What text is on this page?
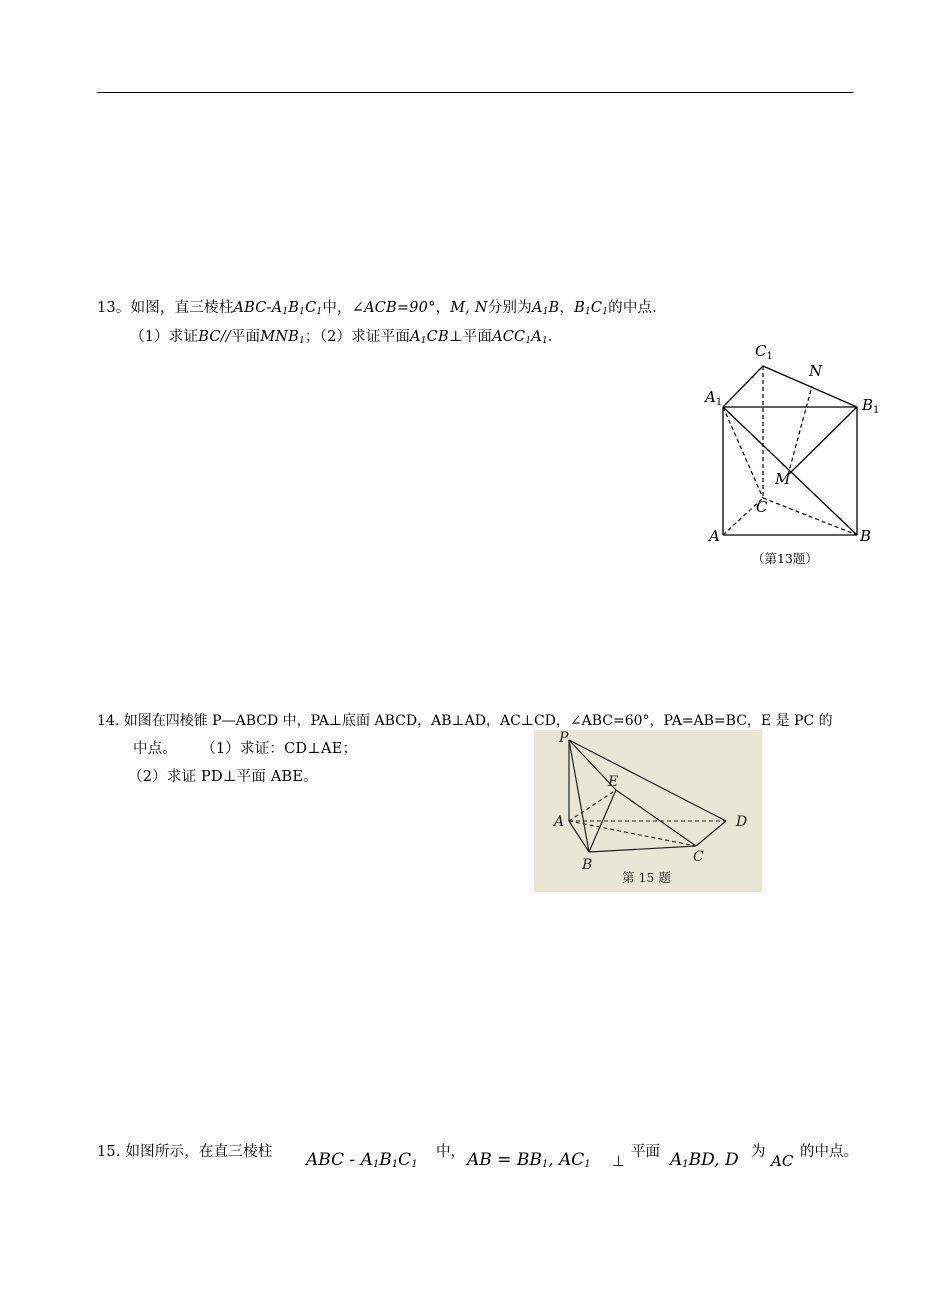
13。如图，直三棱柱ABC-$A_1B_1C_1$中，∠ACB=90°，M, N分别为$A_1B$，$B_1C_1$的中点．
（1）求证BC//平面$MNB_1$；（2）求证平面$A_1CB\perp$平面$ACC_1A_1$．
$C_1$
N
$A_1$	$B_1$
M
C
A	B
（第13题）
14. 如图在四棱锥 P—ABCD 中，PA⊥底面 ABCD，AB⊥AD，AC⊥CD，∠ABC=60°，PA=AB=BC，E 是 PC 的
中点。     （1）求证：CD⊥AE；
（2）求证 PD⊥平面 ABE。
P
E
A	D
B	C
第 15 题
15. 如图所示，在直三棱柱 ABC - $A_1B_1C_1$
中， AB = $BB_1$, $AC_1$ ⊥
平面 $A_1BD$, D 为 AC 的中点。
